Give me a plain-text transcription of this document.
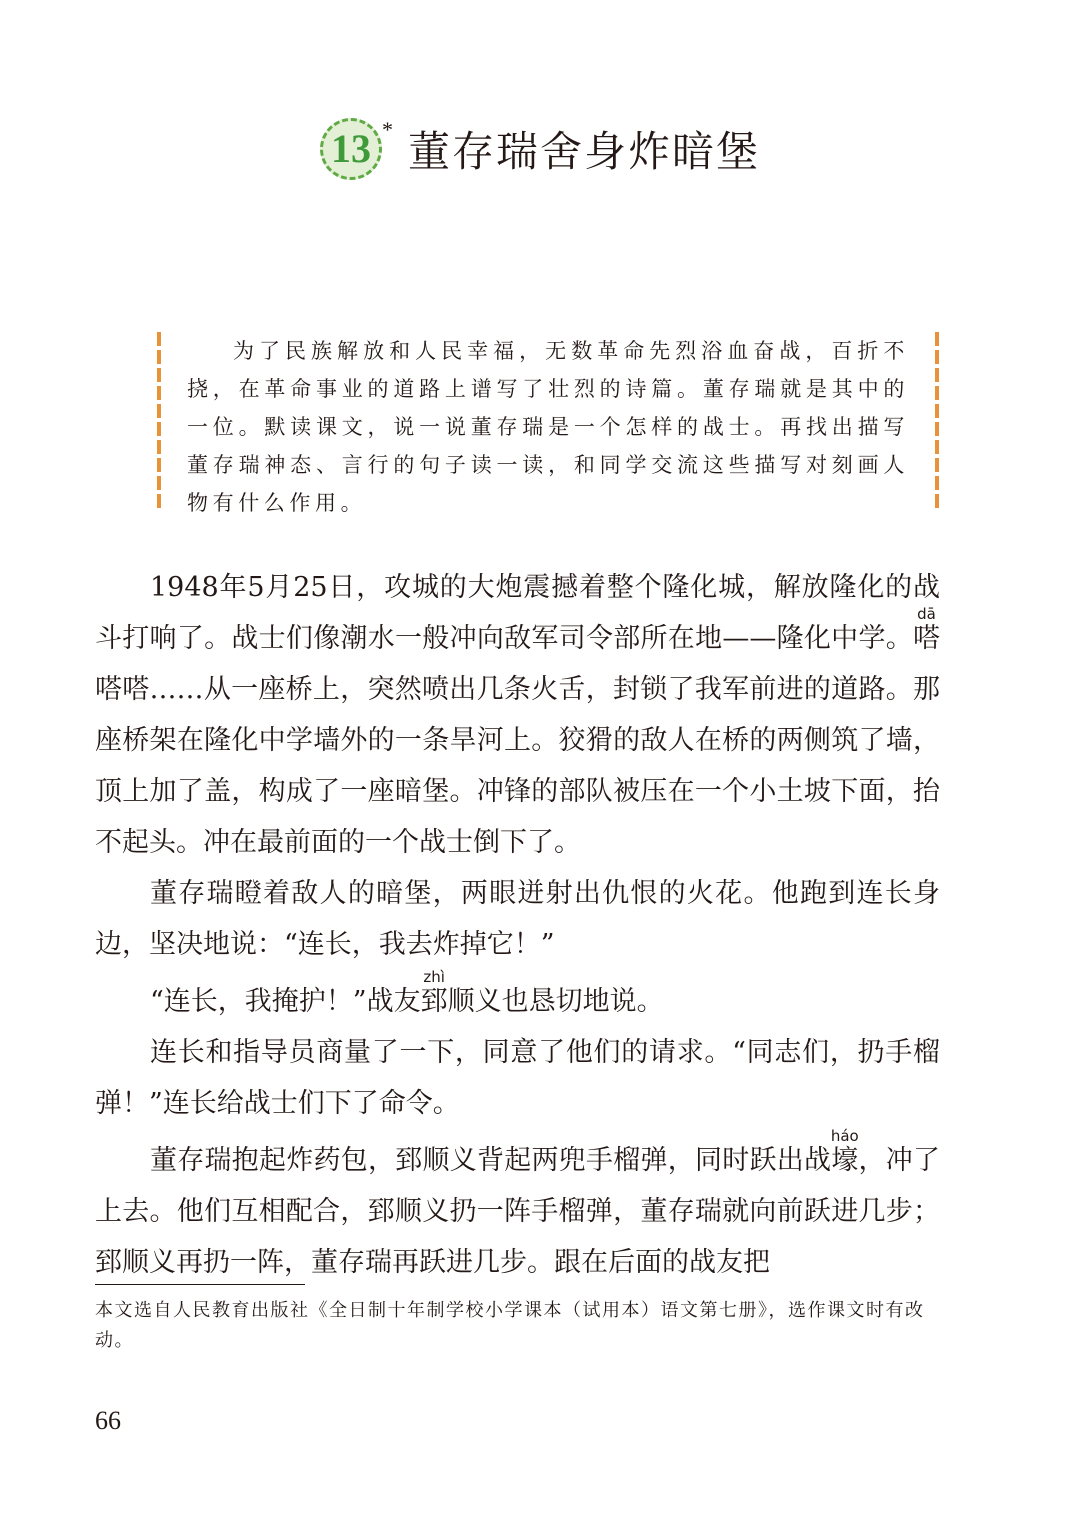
13 * 董存瑞舍身炸暗堡
为了民族解放和人民幸福，无数革命先烈浴血奋战，百折不挠，在革命事业的道路上谱写了壮烈的诗篇。董存瑞就是其中的一位。默读课文，说一说董存瑞是一个怎样的战士。再找出描写董存瑞神态、言行的句子读一读，和同学交流这些描写对刻画人物有什么作用。

1948年5月25日，攻城的大炮震撼着整个隆化城，解放隆化的战斗打响了。战士们像潮水一般冲向敌军司令部所在地——隆化中学。嗒dā嗒嗒……从一座桥上，突然喷出几条火舌，封锁了我军前进的道路。那座桥架在隆化中学墙外的一条旱河上。狡猾的敌人在桥的两侧筑了墙，顶上加了盖，构成了一座暗堡。冲锋的部队被压在一个小土坡下面，抬不起头。冲在最前面的一个战士倒下了。

董存瑞瞪着敌人的暗堡，两眼迸射出仇恨的火花。他跑到连长身边，坚决地说：“连长，我去炸掉它！”

“连长，我掩护！”战友郅zhì顺义也恳切地说。

连长和指导员商量了一下，同意了他们的请求。“同志们，扔手榴弹！”连长给战士们下了命令。

董存瑞抱起炸药包，郅顺义背起两兜手榴弹，同时跃出战壕háo，冲了上去。他们互相配合，郅顺义扔一阵手榴弹，董存瑞就向前跃进几步；郅顺义再扔一阵，董存瑞再跃进几步。跟在后面的战友把

本文选自人民教育出版社《全日制十年制学校小学课本（试用本）语文第七册》，选作课文时有改动。
66
